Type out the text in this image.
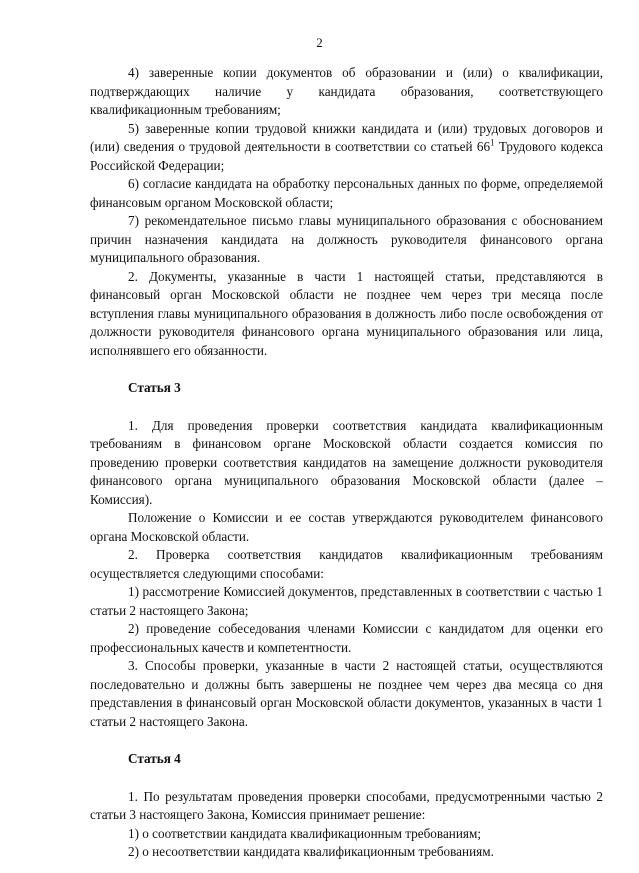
2

4) заверенные копии документов об образовании и (или) о квалификации, подтверждающих наличие у кандидата образования, соответствующего квалификационным требованиям;

5) заверенные копии трудовой книжки кандидата и (или) трудовых договоров и (или) сведения о трудовой деятельности в соответствии со статьей $66^1$ Трудового кодекса Российской Федерации;

6) согласие кандидата на обработку персональных данных по форме, определяемой финансовым органом Московской области;

7) рекомендательное письмо главы муниципального образования с обоснованием причин назначения кандидата на должность руководителя финансового органа муниципального образования.

2. Документы, указанные в части 1 настоящей статьи, представляются в финансовый орган Московской области не позднее чем через три месяца после вступления главы муниципального образования в должность либо после освобождения от должности руководителя финансового органа муниципального образования или лица, исполнявшего его обязанности.

Статья 3

1. Для проведения проверки соответствия кандидата квалификационным требованиям в финансовом органе Московской области создается комиссия по проведению проверки соответствия кандидатов на замещение должности руководителя финансового органа муниципального образования Московской области (далее – Комиссия).

Положение о Комиссии и ее состав утверждаются руководителем финансового органа Московской области.

2. Проверка соответствия кандидатов квалификационным требованиям осуществляется следующими способами:

1) рассмотрение Комиссией документов, представленных в соответствии с частью 1 статьи 2 настоящего Закона;

2) проведение собеседования членами Комиссии с кандидатом для оценки его профессиональных качеств и компетентности.

3. Способы проверки, указанные в части 2 настоящей статьи, осуществляются последовательно и должны быть завершены не позднее чем через два месяца со дня представления в финансовый орган Московской области документов, указанных в части 1 статьи 2 настоящего Закона.

Статья 4

1. По результатам проведения проверки способами, предусмотренными частью 2 статьи 3 настоящего Закона, Комиссия принимает решение:

1) о соответствии кандидата квалификационным требованиям;

2) о несоответствии кандидата квалификационным требованиям.
